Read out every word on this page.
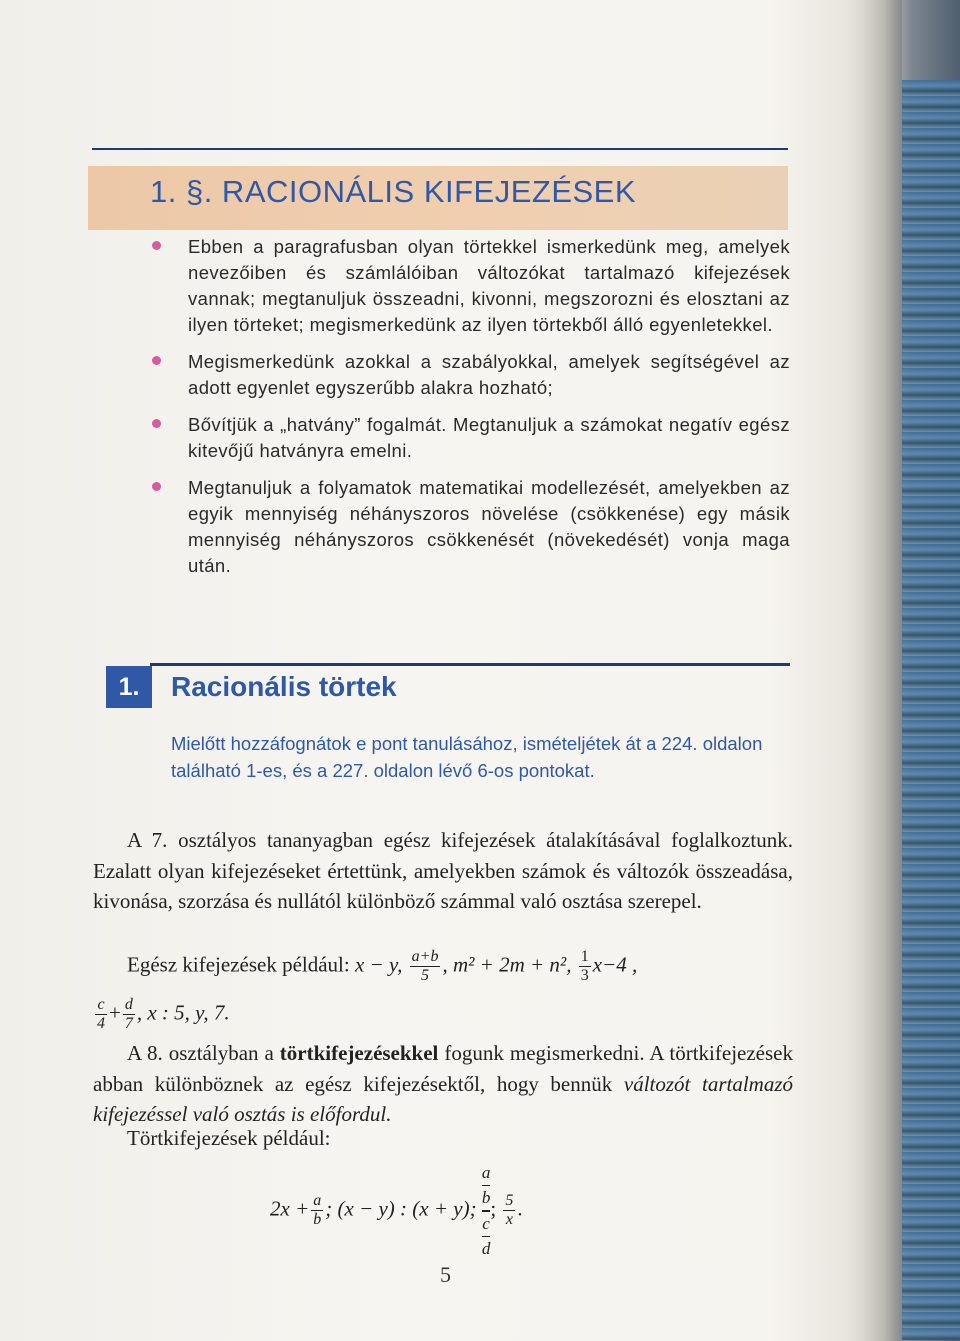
1. §. RACIONÁLIS KIFEJEZÉSEK

Ebben a paragrafusban olyan törtekkel ismerkedünk meg, amelyek nevezőiben és számlálóiban változókat tartalmazó kifejezések vannak; megtanuljuk összeadni, kivonni, megszorozni és elosztani az ilyen törteket; megismerkedünk az ilyen törtekből álló egyenletekkel.

Megismerkedünk azokkal a szabályokkal, amelyek segítségével az adott egyenlet egyszerűbb alakra hozható;

Bővítjük a „hatvány” fogalmát. Megtanuljuk a számokat negatív egész kitevőjű hatványra emelni.

Megtanuljuk a folyamatok matematikai modellezését, amelyekben az egyik mennyiség néhányszoros növelése (csökkenése) egy másik mennyiség néhányszoros csökkenését (növekedését) vonja maga után.

1.	Racionális törtek

Mielőtt hozzáfognátok e pont tanulásához, ismételjétek át a 224. oldalon található 1-es, és a 227. oldalon lévő 6-os pontokat.

A 7. osztályos tananyagban egész kifejezések átalakításával foglalkoztunk. Ezalatt olyan kifejezéseket értettünk, amelyekben számok és változók összeadása, kivonása, szorzása és nullától különböző számmal való osztása szerepel.

Egész kifejezések például: x − y, $\frac{a+b}{5}$ , m² + 2m + n², $\frac{1}{3} x-4$ ,

$\frac{c}{4} + \frac{d}{7}$ , x : 5, y, 7.

A 8. osztályban a törtkifejezésekkel fogunk megismerkedni. A törtkifejezések abban különböznek az egész kifejezésektől, hogy bennük változót tartalmazó kifejezéssel való osztás is előfordul.

Törtkifejezések például:

$2x + \frac{a}{b}$ ; (x − y) : (x + y);
a
b
c
d
; $\frac{5}{x}$ .

5
